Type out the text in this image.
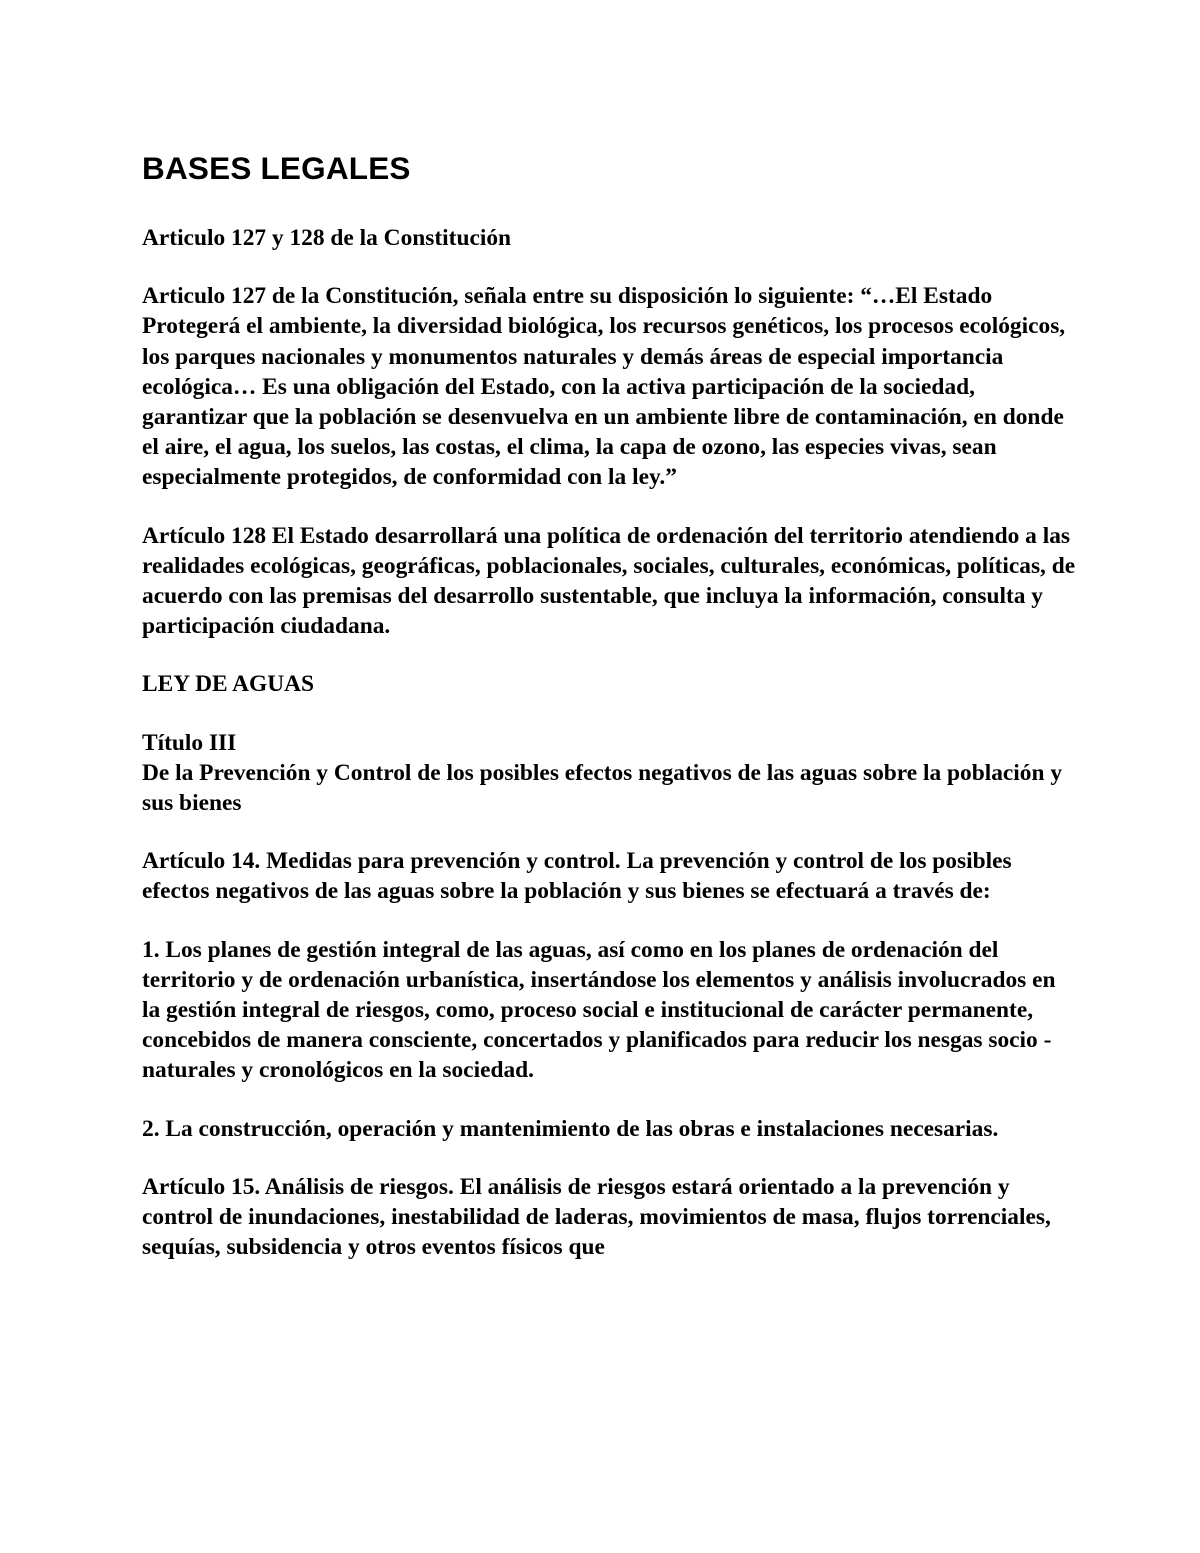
BASES LEGALES

Articulo 127 y 128 de la Constitución

Articulo 127 de la Constitución, señala entre su disposición lo siguiente: “…El Estado Protegerá el ambiente, la diversidad biológica, los recursos genéticos, los procesos ecológicos, los parques nacionales y monumentos naturales y demás áreas de especial importancia ecológica… Es una obligación del Estado, con la activa participación de la sociedad, garantizar que la población se desenvuelva en un ambiente libre de contaminación, en donde el aire, el agua, los suelos, las costas, el clima, la capa de ozono, las especies vivas, sean especialmente protegidos, de conformidad con la ley.”

Artículo 128 El Estado desarrollará una política de ordenación del territorio atendiendo a las realidades ecológicas, geográficas, poblacionales, sociales, culturales, económicas, políticas, de acuerdo con las premisas del desarrollo sustentable, que incluya la información, consulta y participación ciudadana.

LEY DE AGUAS

Título III

De la Prevención y Control de los posibles efectos negativos de las aguas sobre la población y sus bienes

Artículo 14. Medidas para prevención y control. La prevención y control de los posibles efectos negativos de las aguas sobre la población y sus bienes se efectuará a través de:

1. Los planes de gestión integral de las aguas, así como en los planes de ordenación del territorio y de ordenación urbanística, insertándose los elementos y análisis involucrados en la gestión integral de riesgos, como, proceso social e institucional de carácter permanente, concebidos de manera consciente, concertados y planificados para reducir los nesgas socio - naturales y cronológicos en la sociedad.

2. La construcción, operación y mantenimiento de las obras e instalaciones necesarias.

Artículo 15. Análisis de riesgos. El análisis de riesgos estará orientado a la prevención y control de inundaciones, inestabilidad de laderas, movimientos de masa, flujos torrenciales, sequías, subsidencia y otros eventos físicos que
